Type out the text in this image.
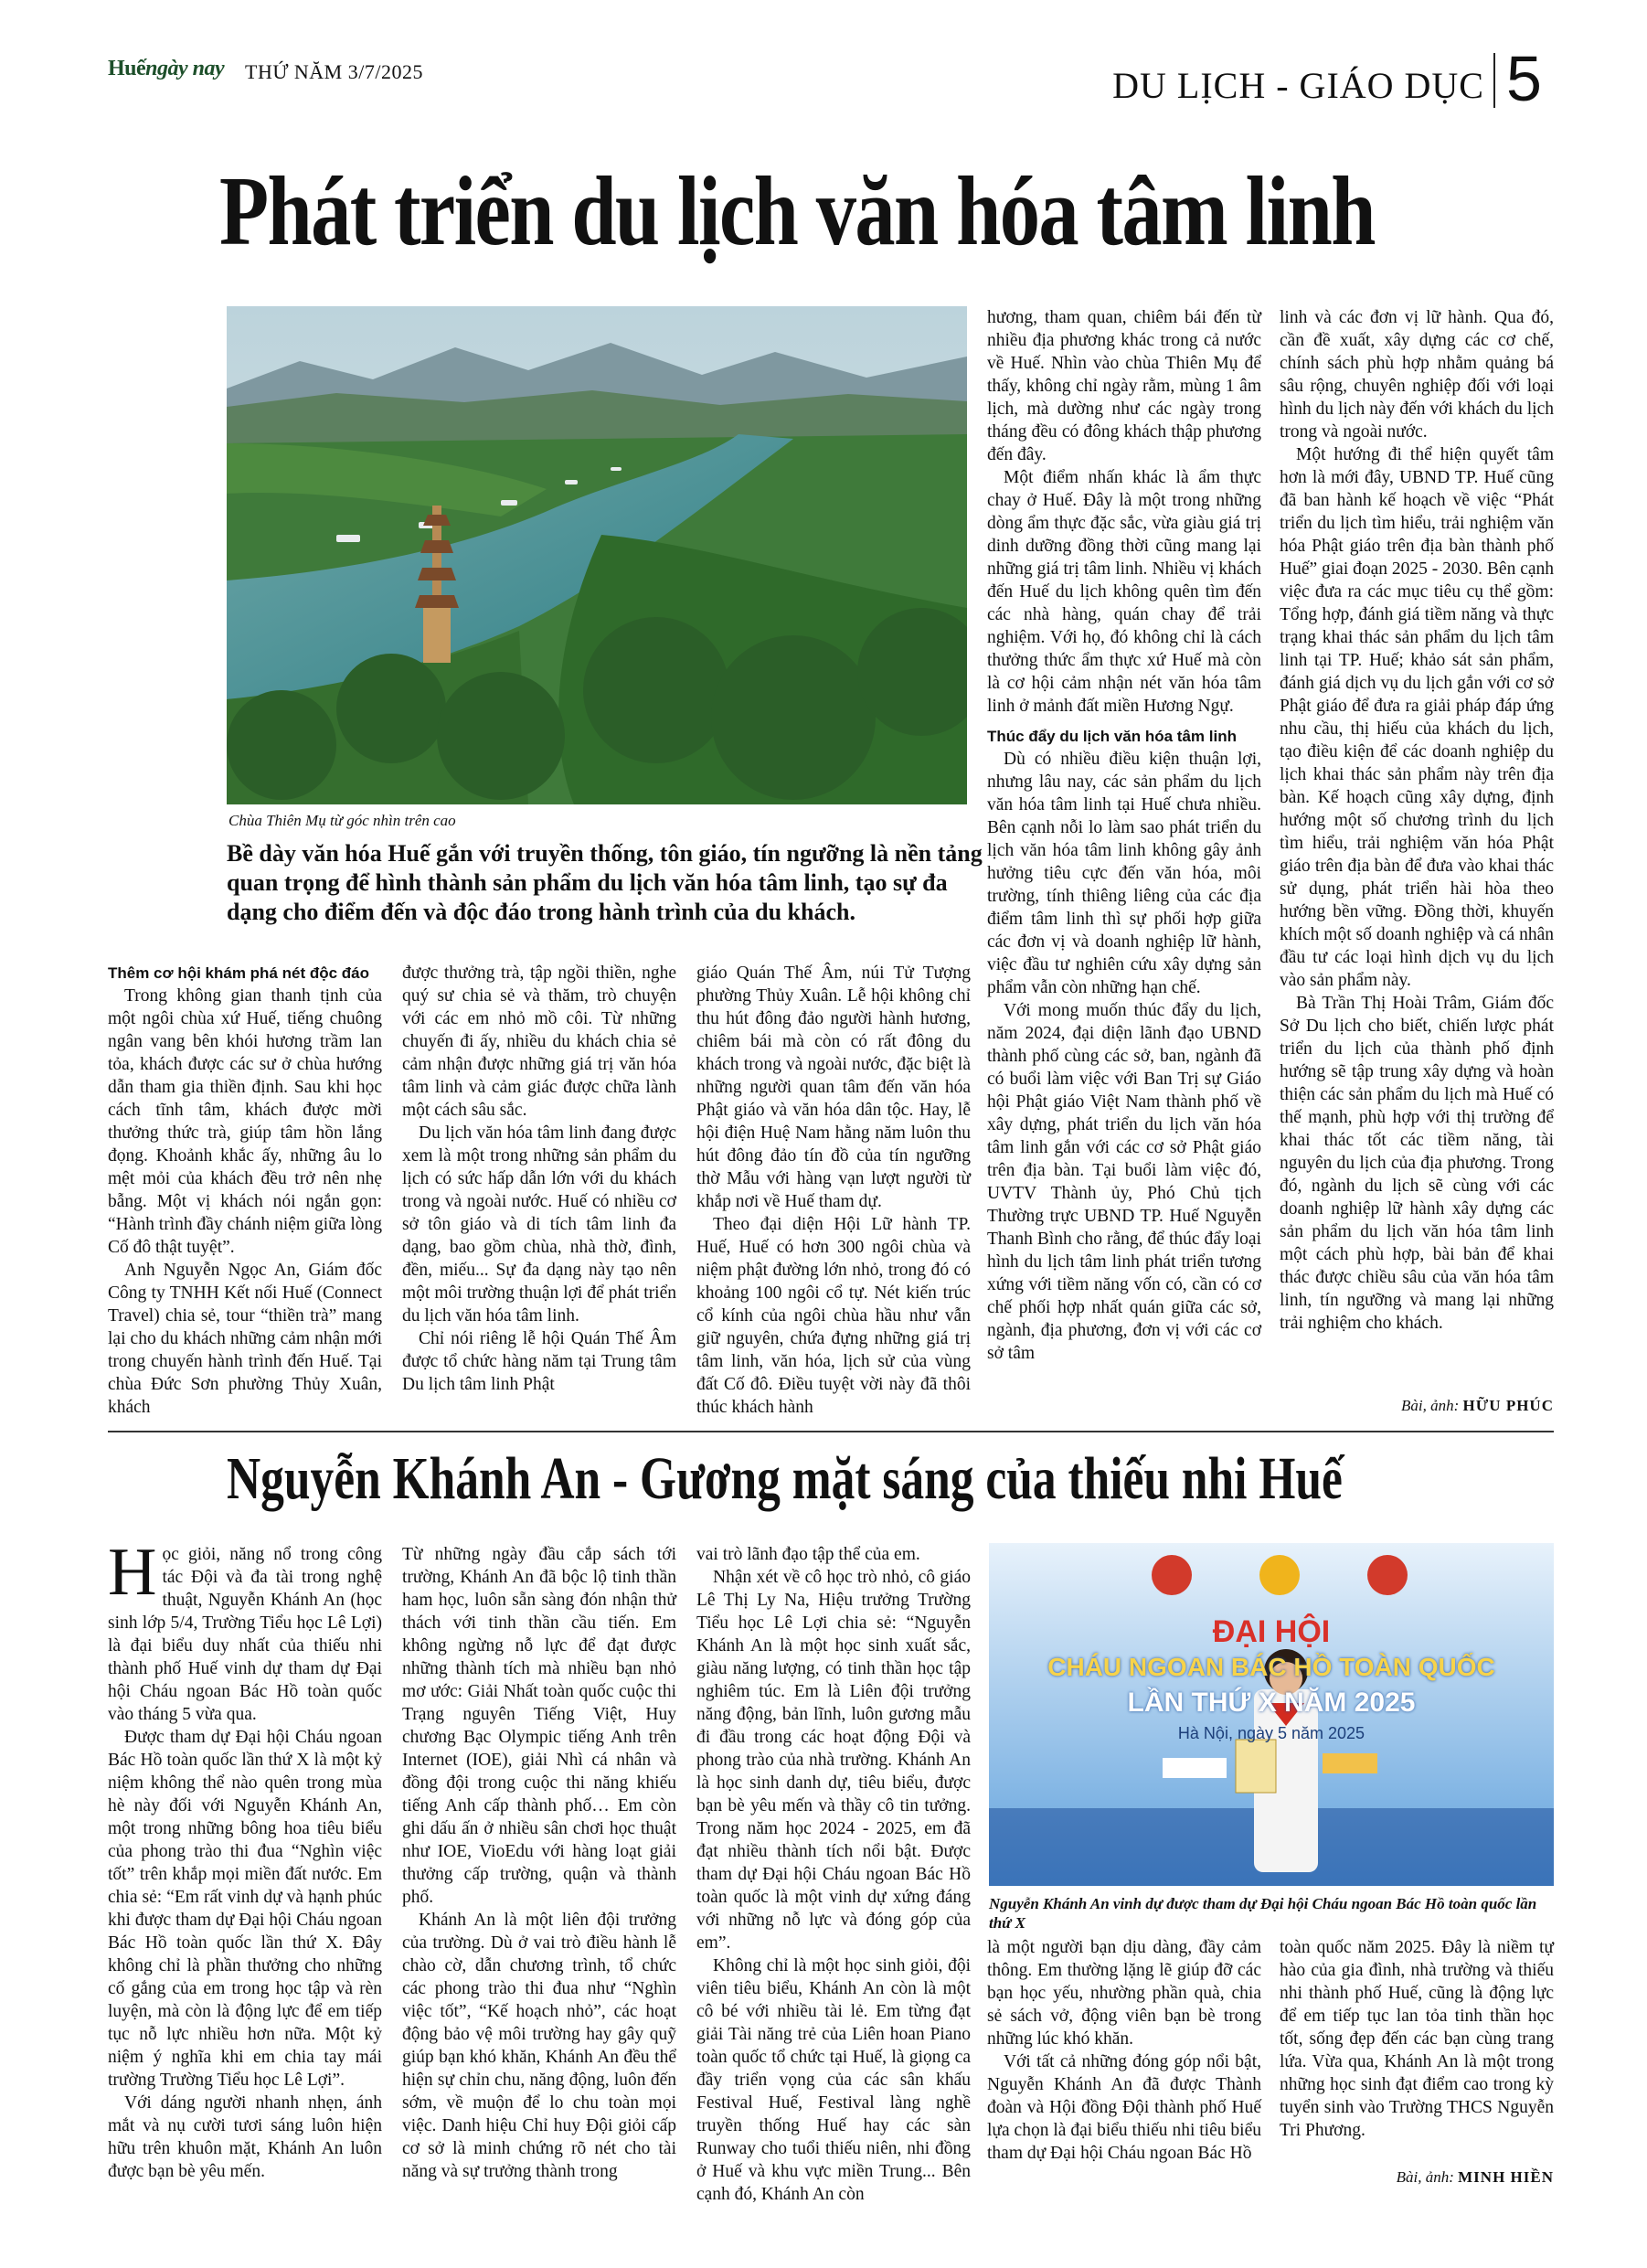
Huếngày nay THỨ NĂM 3/7/2025	DU LỊCH - GIÁO DỤC 5
Phát triển du lịch văn hóa tâm linh
Chùa Thiên Mụ từ góc nhìn trên cao
Bề dày văn hóa Huế gắn với truyền thống, tôn giáo, tín ngưỡng là nền tảng quan trọng để hình thành sản phẩm du lịch văn hóa tâm linh, tạo sự đa dạng cho điểm đến và độc đáo trong hành trình của du khách.

Thêm cơ hội khám phá nét độc đáo

Trong không gian thanh tịnh của một ngôi chùa xứ Huế, tiếng chuông ngân vang bên khói hương trầm lan tỏa, khách được các sư ở chùa hướng dẫn tham gia thiền định. Sau khi học cách tĩnh tâm, khách được mời thưởng thức trà, giúp tâm hồn lắng đọng. Khoảnh khắc ấy, những âu lo mệt mỏi của khách đều trở nên nhẹ bẫng. Một vị khách nói ngắn gọn: “Hành trình đầy chánh niệm giữa lòng Cố đô thật tuyệt”.

Anh Nguyễn Ngọc An, Giám đốc Công ty TNHH Kết nối Huế (Connect Travel) chia sẻ, tour “thiền trà” mang lại cho du khách những cảm nhận mới trong chuyến hành trình đến Huế. Tại chùa Đức Sơn phường Thủy Xuân, khách

được thưởng trà, tập ngồi thiền, nghe quý sư chia sẻ và thăm, trò chuyện với các em nhỏ mồ côi. Từ những chuyến đi ấy, nhiều du khách chia sẻ cảm nhận được những giá trị văn hóa tâm linh và cảm giác được chữa lành một cách sâu sắc.

Du lịch văn hóa tâm linh đang được xem là một trong những sản phẩm du lịch có sức hấp dẫn lớn với du khách trong và ngoài nước. Huế có nhiều cơ sở tôn giáo và di tích tâm linh đa dạng, bao gồm chùa, nhà thờ, đình, đền, miếu... Sự đa dạng này tạo nên một môi trường thuận lợi để phát triển du lịch văn hóa tâm linh.

Chỉ nói riêng lễ hội Quán Thế Âm được tổ chức hàng năm tại Trung tâm Du lịch tâm linh Phật

giáo Quán Thế Âm, núi Tử Tượng phường Thủy Xuân. Lễ hội không chỉ thu hút đông đảo người hành hương, chiêm bái mà còn có rất đông du khách trong và ngoài nước, đặc biệt là những người quan tâm đến văn hóa Phật giáo và văn hóa dân tộc. Hay, lễ hội điện Huệ Nam hằng năm luôn thu hút đông đảo tín đồ của tín ngưỡng thờ Mẫu với hàng vạn lượt người từ khắp nơi về Huế tham dự.

Theo đại diện Hội Lữ hành TP. Huế, Huế có hơn 300 ngôi chùa và niệm phật đường lớn nhỏ, trong đó có khoảng 100 ngôi cổ tự. Nét kiến trúc cổ kính của ngôi chùa hầu như vẫn giữ nguyên, chứa đựng những giá trị tâm linh, văn hóa, lịch sử của vùng đất Cố đô. Điều tuyệt vời này đã thôi thúc khách hành

hương, tham quan, chiêm bái đến từ nhiều địa phương khác trong cả nước về Huế. Nhìn vào chùa Thiên Mụ để thấy, không chỉ ngày rằm, mùng 1 âm lịch, mà dường như các ngày trong tháng đều có đông khách thập phương đến đây.

Một điểm nhấn khác là ẩm thực chay ở Huế. Đây là một trong những dòng ẩm thực đặc sắc, vừa giàu giá trị dinh dưỡng đồng thời cũng mang lại những giá trị tâm linh. Nhiều vị khách đến Huế du lịch không quên tìm đến các nhà hàng, quán chay để trải nghiệm. Với họ, đó không chỉ là cách thưởng thức ẩm thực xứ Huế mà còn là cơ hội cảm nhận nét văn hóa tâm linh ở mảnh đất miền Hương Ngự.

Thúc đẩy du lịch văn hóa tâm linh

Dù có nhiều điều kiện thuận lợi, nhưng lâu nay, các sản phẩm du lịch văn hóa tâm linh tại Huế chưa nhiều. Bên cạnh nỗi lo làm sao phát triển du lịch văn hóa tâm linh không gây ảnh hưởng tiêu cực đến văn hóa, môi trường, tính thiêng liêng của các địa điểm tâm linh thì sự phối hợp giữa các đơn vị và doanh nghiệp lữ hành, việc đầu tư nghiên cứu xây dựng sản phẩm vẫn còn những hạn chế.

Với mong muốn thúc đẩy du lịch, năm 2024, đại diện lãnh đạo UBND thành phố cùng các sở, ban, ngành đã có buổi làm việc với Ban Trị sự Giáo hội Phật giáo Việt Nam thành phố về xây dựng, phát triển du lịch văn hóa tâm linh gắn với các cơ sở Phật giáo trên địa bàn. Tại buổi làm việc đó, UVTV Thành ủy, Phó Chủ tịch Thường trực UBND TP. Huế Nguyễn Thanh Bình cho rằng, để thúc đẩy loại hình du lịch tâm linh phát triển tương xứng với tiềm năng vốn có, cần có cơ chế phối hợp nhất quán giữa các sở, ngành, địa phương, đơn vị với các cơ sở tâm

linh và các đơn vị lữ hành. Qua đó, cần đề xuất, xây dựng các cơ chế, chính sách phù hợp nhằm quảng bá sâu rộng, chuyên nghiệp đối với loại hình du lịch này đến với khách du lịch trong và ngoài nước.

Một hướng đi thể hiện quyết tâm hơn là mới đây, UBND TP. Huế cũng đã ban hành kế hoạch về việc “Phát triển du lịch tìm hiểu, trải nghiệm văn hóa Phật giáo trên địa bàn thành phố Huế” giai đoạn 2025 - 2030. Bên cạnh việc đưa ra các mục tiêu cụ thể gồm: Tổng hợp, đánh giá tiềm năng và thực trạng khai thác sản phẩm du lịch tâm linh tại TP. Huế; khảo sát sản phẩm, đánh giá dịch vụ du lịch gắn với cơ sở Phật giáo để đưa ra giải pháp đáp ứng nhu cầu, thị hiếu của khách du lịch, tạo điều kiện để các doanh nghiệp du lịch khai thác sản phẩm này trên địa bàn. Kế hoạch cũng xây dựng, định hướng một số chương trình du lịch tìm hiểu, trải nghiệm văn hóa Phật giáo trên địa bàn để đưa vào khai thác sử dụng, phát triển hài hòa theo hướng bền vững. Đồng thời, khuyến khích một số doanh nghiệp và cá nhân đầu tư các loại hình dịch vụ du lịch vào sản phẩm này.

Bà Trần Thị Hoài Trâm, Giám đốc Sở Du lịch cho biết, chiến lược phát triển du lịch của thành phố định hướng sẽ tập trung xây dựng và hoàn thiện các sản phẩm du lịch mà Huế có thế mạnh, phù hợp với thị trường để khai thác tốt các tiềm năng, tài nguyên du lịch của địa phương. Trong đó, ngành du lịch sẽ cùng với các doanh nghiệp lữ hành xây dựng các sản phẩm du lịch văn hóa tâm linh một cách phù hợp, bài bản để khai thác được chiều sâu của văn hóa tâm linh, tín ngưỡng và mang lại những trải nghiệm cho khách.

Bài, ảnh: HỮU PHÚC
Nguyễn Khánh An - Gương mặt sáng của thiếu nhi Huế

Học giỏi, năng nổ trong công tác Đội và đa tài trong nghệ thuật, Nguyễn Khánh An (học sinh lớp 5/4, Trường Tiểu học Lê Lợi) là đại biểu duy nhất của thiếu nhi thành phố Huế vinh dự tham dự Đại hội Cháu ngoan Bác Hồ toàn quốc vào tháng 5 vừa qua.

Được tham dự Đại hội Cháu ngoan Bác Hồ toàn quốc lần thứ X là một kỷ niệm không thể nào quên trong mùa hè này đối với Nguyễn Khánh An, một trong những bông hoa tiêu biểu của phong trào thi đua “Nghìn việc tốt” trên khắp mọi miền đất nước. Em chia sẻ: “Em rất vinh dự và hạnh phúc khi được tham dự Đại hội Cháu ngoan Bác Hồ toàn quốc lần thứ X. Đây không chỉ là phần thưởng cho những cố gắng của em trong học tập và rèn luyện, mà còn là động lực để em tiếp tục nỗ lực nhiều hơn nữa. Một kỷ niệm ý nghĩa khi em chia tay mái trường Trường Tiểu học Lê Lợi”.

Với dáng người nhanh nhẹn, ánh mắt và nụ cười tươi sáng luôn hiện hữu trên khuôn mặt, Khánh An luôn được bạn bè yêu mến.

Từ những ngày đầu cắp sách tới trường, Khánh An đã bộc lộ tinh thần ham học, luôn sẵn sàng đón nhận thử thách với tinh thần cầu tiến. Em không ngừng nỗ lực để đạt được những thành tích mà nhiều bạn nhỏ mơ ước: Giải Nhất toàn quốc cuộc thi Trạng nguyên Tiếng Việt, Huy chương Bạc Olympic tiếng Anh trên Internet (IOE), giải Nhì cá nhân và đồng đội trong cuộc thi năng khiếu tiếng Anh cấp thành phố… Em còn ghi dấu ấn ở nhiều sân chơi học thuật như IOE, VioEdu với hàng loạt giải thưởng cấp trường, quận và thành phố.

Khánh An là một liên đội trưởng của trường. Dù ở vai trò điều hành lễ chào cờ, dẫn chương trình, tổ chức các phong trào thi đua như “Nghìn việc tốt”, “Kế hoạch nhỏ”, các hoạt động bảo vệ môi trường hay gây quỹ giúp bạn khó khăn, Khánh An đều thể hiện sự chỉn chu, năng động, luôn đến sớm, về muộn để lo chu toàn mọi việc. Danh hiệu Chỉ huy Đội giỏi cấp cơ sở là minh chứng rõ nét cho tài năng và sự trưởng thành trong

vai trò lãnh đạo tập thể của em.

Nhận xét về cô học trò nhỏ, cô giáo Lê Thị Ly Na, Hiệu trưởng Trường Tiểu học Lê Lợi chia sẻ: “Nguyễn Khánh An là một học sinh xuất sắc, giàu năng lượng, có tinh thần học tập nghiêm túc. Em là Liên đội trưởng năng động, bản lĩnh, luôn gương mẫu đi đầu trong các hoạt động Đội và phong trào của nhà trường. Khánh An là học sinh danh dự, tiêu biểu, được bạn bè yêu mến và thầy cô tin tưởng. Trong năm học 2024 - 2025, em đã đạt nhiều thành tích nổi bật. Được tham dự Đại hội Cháu ngoan Bác Hồ toàn quốc là một vinh dự xứng đáng với những nỗ lực và đóng góp của em”.

Không chỉ là một học sinh giỏi, đội viên tiêu biểu, Khánh An còn là một cô bé với nhiều tài lẻ. Em từng đạt giải Tài năng trẻ của Liên hoan Piano toàn quốc tổ chức tại Huế, là giọng ca đầy triển vọng của các sân khấu Festival Huế, Festival làng nghề truyền thống Huế hay các sàn Runway cho tuổi thiếu niên, nhi đồng ở Huế và khu vực miền Trung... Bên cạnh đó, Khánh An còn

ĐẠI HỘI
CHÁU NGOAN BÁC HỒ TOÀN QUỐC
LẦN THỨ X NĂM 2025
Hà Nội, ngày 5 năm 2025
Nguyễn Khánh An vinh dự được tham dự Đại hội Cháu ngoan Bác Hồ toàn quốc lần thứ X

là một người bạn dịu dàng, đầy cảm thông. Em thường lặng lẽ giúp đỡ các bạn học yếu, nhường phần quà, chia sẻ sách vở, động viên bạn bè trong những lúc khó khăn.

Với tất cả những đóng góp nổi bật, Nguyễn Khánh An đã được Thành đoàn và Hội đồng Đội thành phố Huế lựa chọn là đại biểu thiếu nhi tiêu biểu tham dự Đại hội Cháu ngoan Bác Hồ

toàn quốc năm 2025. Đây là niềm tự hào của gia đình, nhà trường và thiếu nhi thành phố Huế, cũng là động lực để em tiếp tục lan tỏa tinh thần học tốt, sống đẹp đến các bạn cùng trang lứa. Vừa qua, Khánh An là một trong những học sinh đạt điểm cao trong kỳ tuyển sinh vào Trường THCS Nguyễn Tri Phương.

Bài, ảnh: MINH HIỀN
